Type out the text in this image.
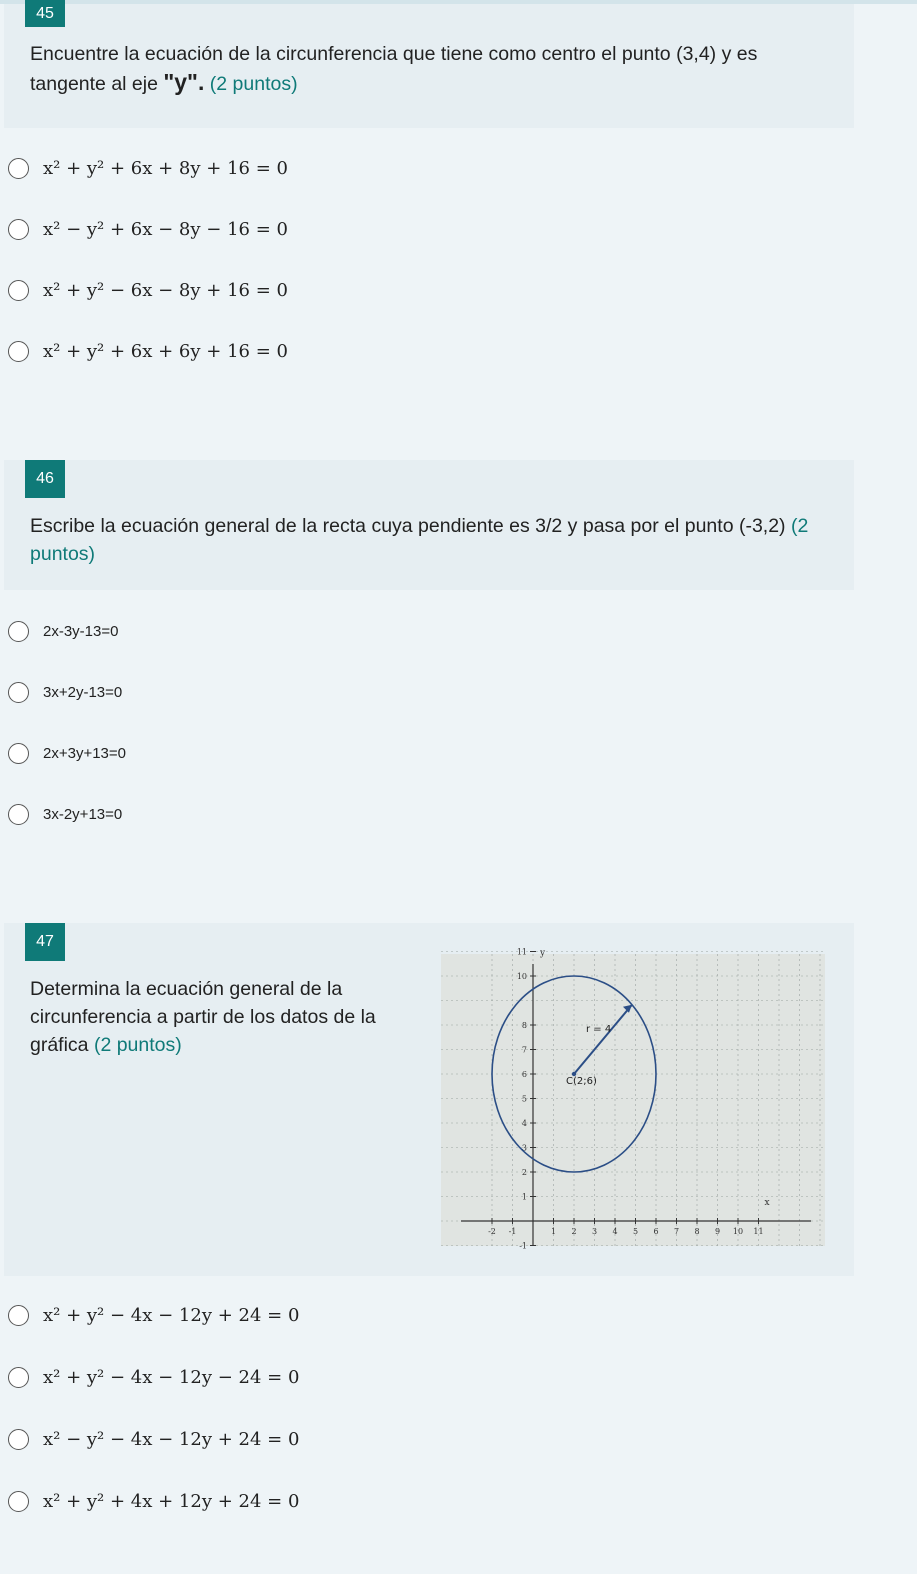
45
Encuentre la ecuación de la circunferencia que tiene como centro el punto (3,4) y es tangente al eje "y". (2 puntos)
x² + y² + 6x + 8y + 16 = 0
x² − y² + 6x − 8y − 16 = 0
x² + y² − 6x − 8y + 16 = 0
x² + y² + 6x + 6y + 16 = 0
46
Escribe la ecuación general de la recta cuya pendiente es 3/2 y pasa por el punto (-3,2) (2 puntos)
2x-3y-13=0
3x+2y-13=0
2x+3y+13=0
3x-2y+13=0
47
Determina la ecuación general de la circunferencia a partir de los datos de la gráfica (2 puntos)
-2 -1	1 2 3 4 5 6 7 8 9 10 11
-1
1
2
3
4
5
6
7
8
10
11
x
y
r = 4
C(2;6)
x² + y² − 4x − 12y + 24 = 0
x² + y² − 4x − 12y − 24 = 0
x² − y² − 4x − 12y + 24 = 0
x² + y² + 4x + 12y + 24 = 0
